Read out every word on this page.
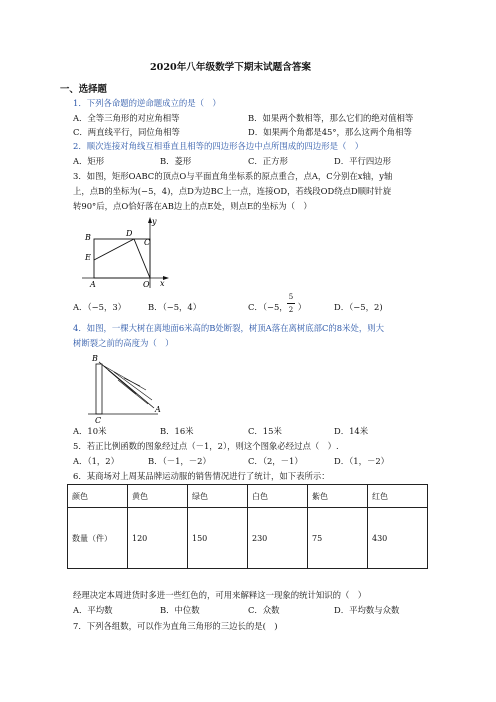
2020年八年级数学下期末试题含答案
一、选择题
1．下列各命题的逆命题成立的是（　）
A．全等三角形的对应角相等	B．如果两个数相等，那么它们的绝对值相等
C．两直线平行，同位角相等	D．如果两个角都是45°，那么这两个角相等
2．顺次连接对角线互相垂直且相等的四边形各边中点所围成的四边形是（　）
A．矩形	B．菱形	C．正方形	D．平行四边形
3．如图，矩形OABC的顶点O与平面直角坐标系的原点重合，点A，C分别在x轴，y轴
上，点B的坐标为(−5，4)，点D为边BC上一点，连接OD，若线段OD绕点D顺时针旋
转90°后，点O恰好落在AB边上的点E处，则点E的坐标为（　）
y
B	D
C
E
A	O x
A．（−5，3）	B．（−5，4）	C．（−5， ）
5
2	D．（−5，2)
4．如图，一棵大树在离地面6米高的B处断裂，树顶A落在离树底部C的8米处，则大
树断裂之前的高度为（　）
B
C
A
A．10米	B．16米	C．15米	D．14米
5．若正比例函数的图象经过点（－1，2），则这个图象必经过点（　）.
A．（1，2）	B．（－1，－2）	C．（2，－1）	D．（1，－2）
6．某商场对上周某品牌运动服的销售情况进行了统计，如下表所示：
颜色	黄色	绿色	白色	紫色	红色
数量（件）	120	150	230	75	430
经理决定本周进货时多进一些红色的，可用来解释这一现象的统计知识的（　）
A．平均数	B．中位数	C．众数	D．平均数与众数
7．下列各组数，可以作为直角三角形的三边长的是(　)
